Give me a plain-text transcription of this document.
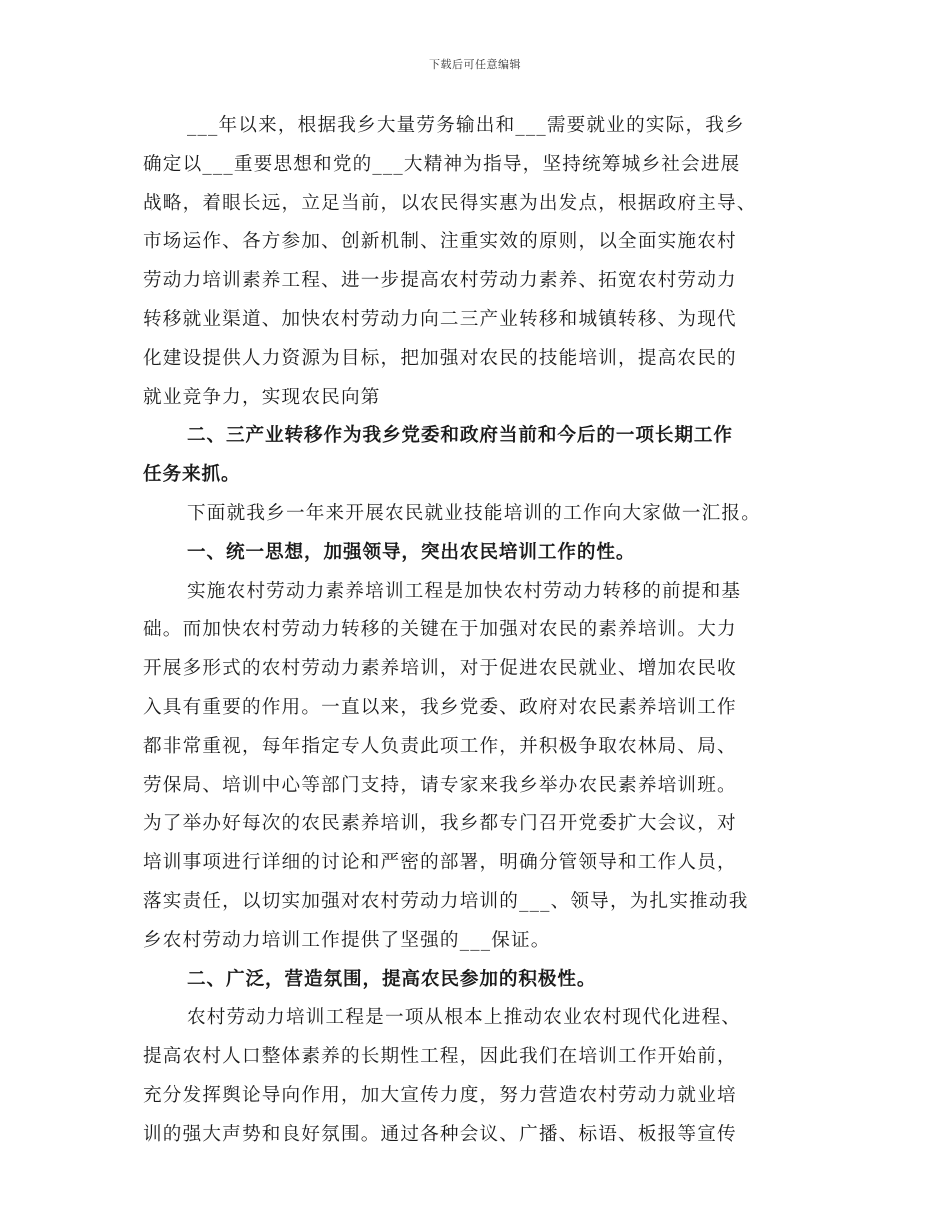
下载后可任意编辑
___年以来，根据我乡大量劳务输出和___需要就业的实际，我乡
确定以___重要思想和党的___大精神为指导，坚持统筹城乡社会进展
战略，着眼长远，立足当前，以农民得实惠为出发点，根据政府主导、
市场运作、各方参加、创新机制、注重实效的原则，以全面实施农村
劳动力培训素养工程、进一步提高农村劳动力素养、拓宽农村劳动力
转移就业渠道、加快农村劳动力向二三产业转移和城镇转移、为现代
化建设提供人力资源为目标，把加强对农民的技能培训，提高农民的
就业竞争力，实现农民向第
二、三产业转移作为我乡党委和政府当前和今后的一项长期工作
任务来抓。
下面就我乡一年来开展农民就业技能培训的工作向大家做一汇报。
一、统一思想，加强领导，突出农民培训工作的性。
实施农村劳动力素养培训工程是加快农村劳动力转移的前提和基
础。而加快农村劳动力转移的关键在于加强对农民的素养培训。大力
开展多形式的农村劳动力素养培训，对于促进农民就业、增加农民收
入具有重要的作用。一直以来，我乡党委、政府对农民素养培训工作
都非常重视，每年指定专人负责此项工作，并积极争取农林局、局、
劳保局、培训中心等部门支持，请专家来我乡举办农民素养培训班。
为了举办好每次的农民素养培训，我乡都专门召开党委扩大会议，对
培训事项进行详细的讨论和严密的部署，明确分管领导和工作人员，
落实责任，以切实加强对农村劳动力培训的___、领导，为扎实推动我
乡农村劳动力培训工作提供了坚强的___保证。
二、广泛，营造氛围，提高农民参加的积极性。
农村劳动力培训工程是一项从根本上推动农业农村现代化进程、
提高农村人口整体素养的长期性工程，因此我们在培训工作开始前，
充分发挥舆论导向作用，加大宣传力度，努力营造农村劳动力就业培
训的强大声势和良好氛围。通过各种会议、广播、标语、板报等宣传
